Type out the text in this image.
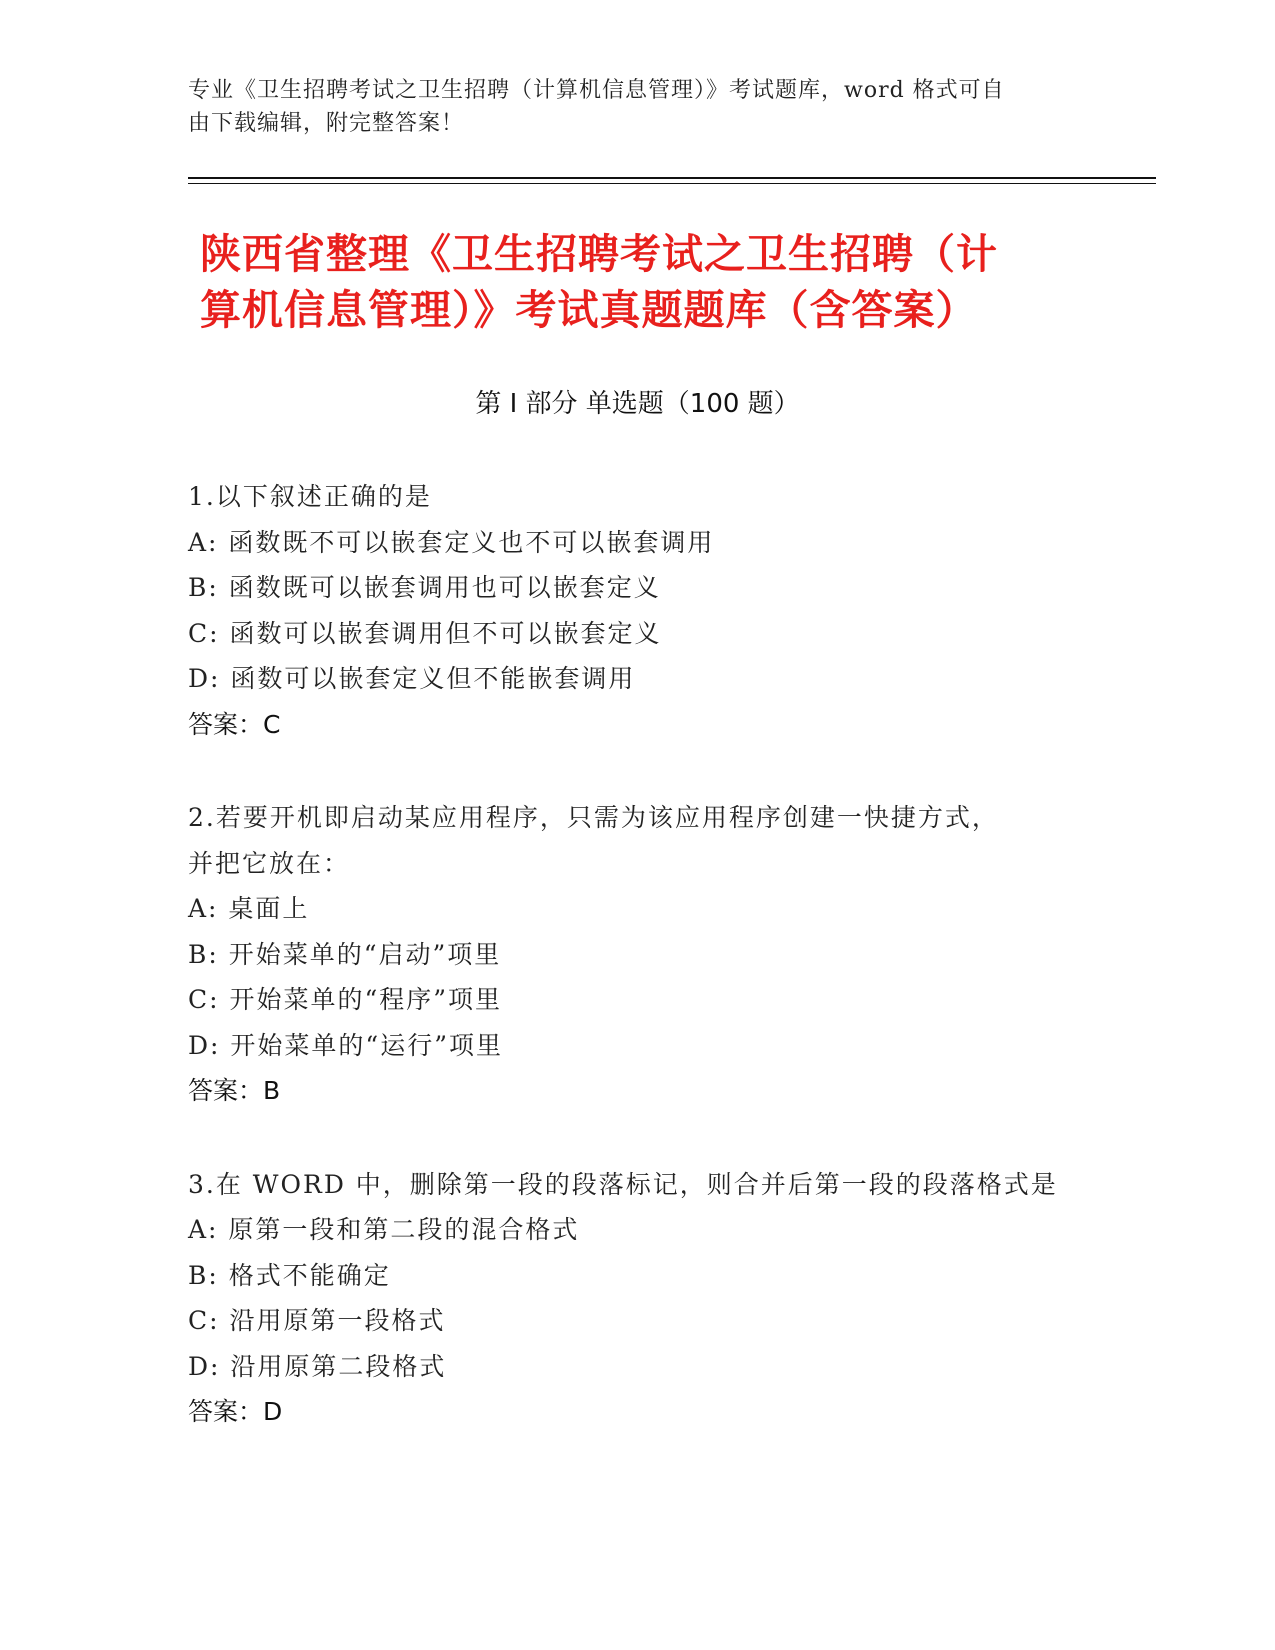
专业《卫生招聘考试之卫生招聘（计算机信息管理）》考试题库，word 格式可自
由下载编辑，附完整答案！
陕西省整理《卫生招聘考试之卫生招聘（计
算机信息管理）》考试真题题库（含答案）
第 I 部分 单选题（100 题）
1.以下叙述正确的是
A: 函数既不可以嵌套定义也不可以嵌套调用
B: 函数既可以嵌套调用也可以嵌套定义
C: 函数可以嵌套调用但不可以嵌套定义
D: 函数可以嵌套定义但不能嵌套调用
答案：C
2.若要开机即启动某应用程序，只需为该应用程序创建一快捷方式，
并把它放在：
A: 桌面上
B: 开始菜单的“启动”项里
C: 开始菜单的“程序”项里
D: 开始菜单的“运行”项里
答案：B
3.在 WORD 中，删除第一段的段落标记，则合并后第一段的段落格式是
A: 原第一段和第二段的混合格式
B: 格式不能确定
C: 沿用原第一段格式
D: 沿用原第二段格式
答案：D
